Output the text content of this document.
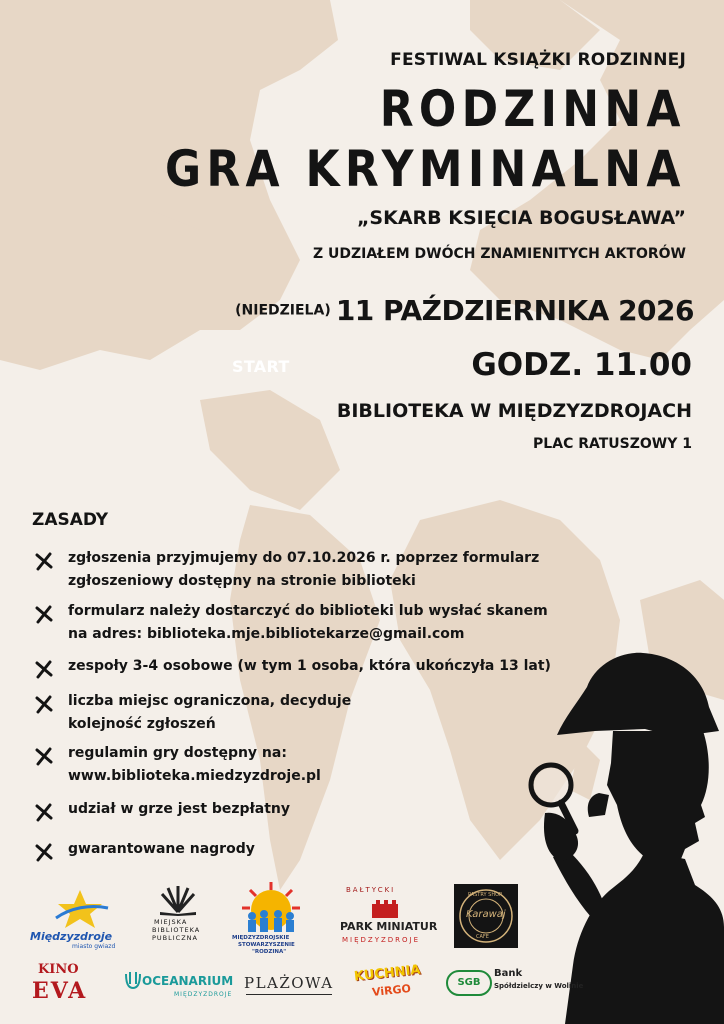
FESTIWAL KSIĄŻKI RODZINNEJ
RODZINNA
GRA KRYMINALNA
„SKARB KSIĘCIA BOGUSŁAWA”
Z UDZIAŁEM DWÓCH ZNAMIENITYCH AKTORÓW
(NIEDZIELA) 11 PAŹDZIERNIKA 2026
START	GODZ. 11.00
BIBLIOTEKA W MIĘDZYZDROJACH
PLAC RATUSZOWY 1
ZASADY
zgłoszenia przyjmujemy do 07.10.2026 r. poprzez formularz
zgłoszeniowy dostępny na stronie biblioteki
formularz należy dostarczyć do biblioteki lub wysłać skanem
na adres: biblioteka.mje.bibliotekarze@gmail.com
zespoły 3-4 osobowe (w tym 1 osoba, która ukończyła 13 lat)
liczba miejsc ograniczona, decyduje
kolejność zgłoszeń
regulamin gry dostępny na:
www.biblioteka.miedzyzdroje.pl
udział w grze jest bezpłatny
gwarantowane nagrody
Międzyzdroje
miasto gwiazd
MIEJSKA
BIBLIOTEKA
PUBLICZNA	MIĘDZYZDROJSKIE
STOWARZYSZENIE
"RODZINA"
BAŁTYCKI
PARK MINIATUR
MIĘDZYZDROJE
PASTRY SHOP
Karawaj
CAFE
KINO
EVA	OCEANARIUM
MIĘDZYZDROJE
PLAŻOWA KUCHNIA
ViRGO	SGB
Bank
Spółdzielczy w Wolinie
